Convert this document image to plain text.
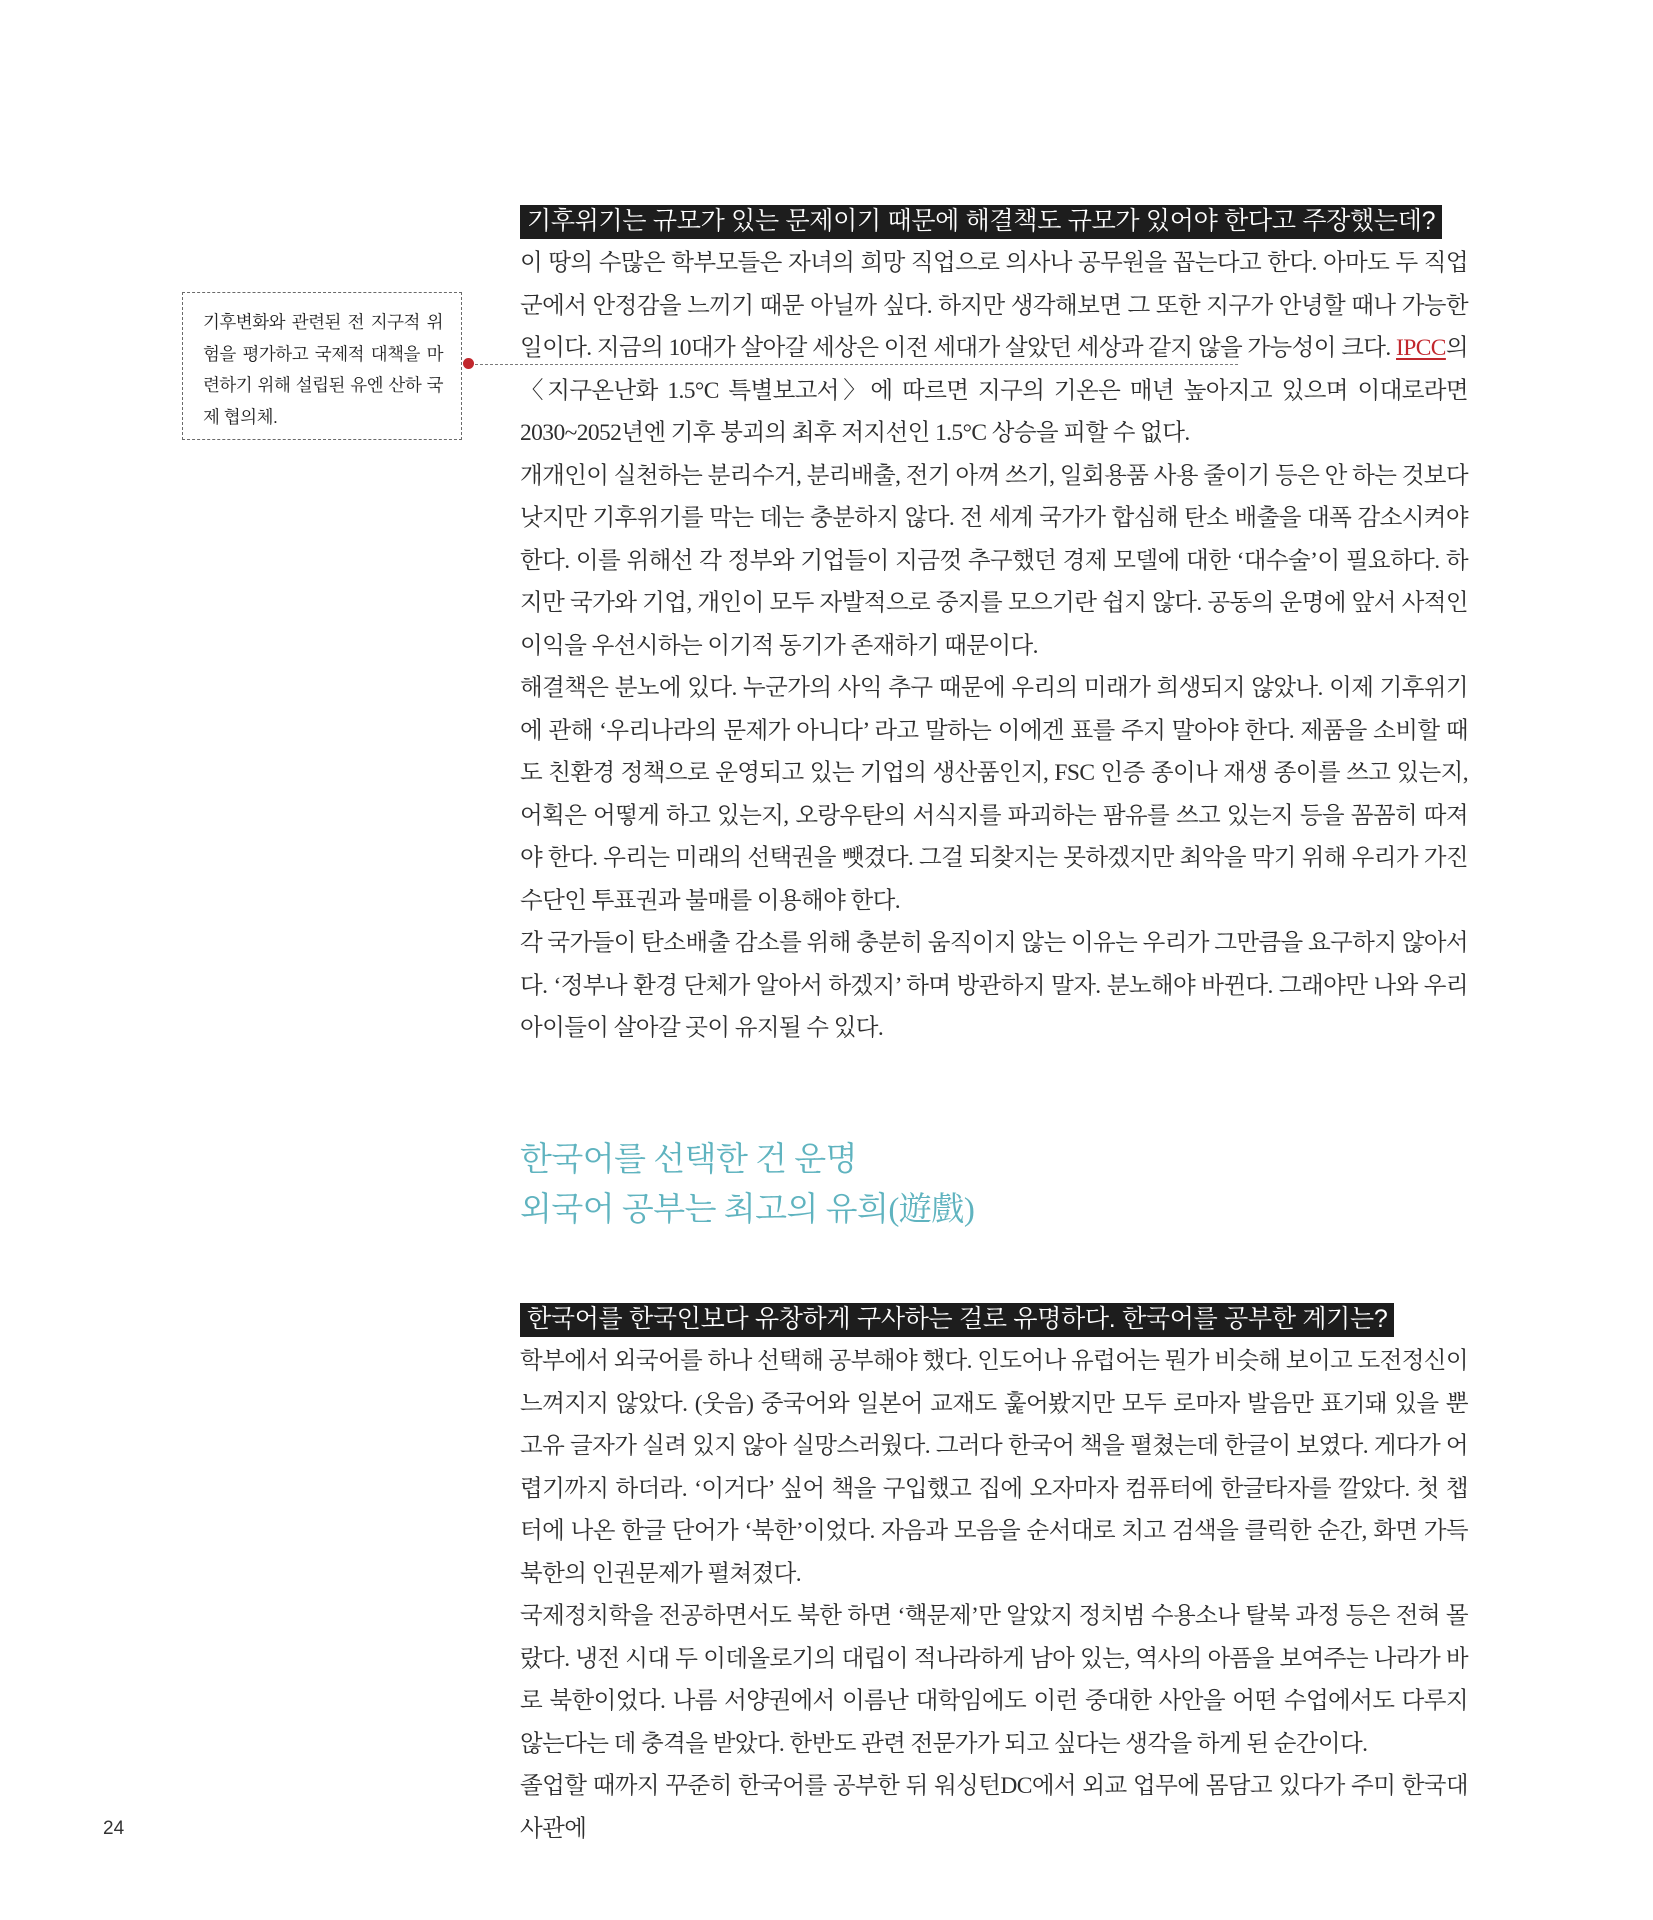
기후변화와 관련된 전 지구적 위험을 평가하고 국제적 대책을 마련하기 위해 설립된 유엔 산하 국제 협의체.
기후위기는 규모가 있는 문제이기 때문에 해결책도 규모가 있어야 한다고 주장했는데?

이 땅의 수많은 학부모들은 자녀의 희망 직업으로 의사나 공무원을 꼽는다고 한다. 아마도 두 직업군에서 안정감을 느끼기 때문 아닐까 싶다. 하지만 생각해보면 그 또한 지구가 안녕할 때나 가능한 일이다. 지금의 10대가 살아갈 세상은 이전 세대가 살았던 세상과 같지 않을 가능성이 크다. IPCC의 〈지구온난화 1.5°C 특별보고서〉에 따르면 지구의 기온은 매년 높아지고 있으며 이대로라면 2030~2052년엔 기후 붕괴의 최후 저지선인 1.5°C 상승을 피할 수 없다.

개개인이 실천하는 분리수거, 분리배출, 전기 아껴 쓰기, 일회용품 사용 줄이기 등은 안 하는 것보다 낫지만 기후위기를 막는 데는 충분하지 않다. 전 세계 국가가 합심해 탄소 배출을 대폭 감소시켜야 한다. 이를 위해선 각 정부와 기업들이 지금껏 추구했던 경제 모델에 대한 ‘대수술’이 필요하다. 하지만 국가와 기업, 개인이 모두 자발적으로 중지를 모으기란 쉽지 않다. 공동의 운명에 앞서 사적인 이익을 우선시하는 이기적 동기가 존재하기 때문이다.

해결책은 분노에 있다. 누군가의 사익 추구 때문에 우리의 미래가 희생되지 않았나. 이제 기후위기에 관해 ‘우리나라의 문제가 아니다’ 라고 말하는 이에겐 표를 주지 말아야 한다. 제품을 소비할 때도 친환경 정책으로 운영되고 있는 기업의 생산품인지, FSC 인증 종이나 재생 종이를 쓰고 있는지, 어획은 어떻게 하고 있는지, 오랑우탄의 서식지를 파괴하는 팜유를 쓰고 있는지 등을 꼼꼼히 따져야 한다. 우리는 미래의 선택권을 뺏겼다. 그걸 되찾지는 못하겠지만 최악을 막기 위해 우리가 가진 수단인 투표권과 불매를 이용해야 한다.

각 국가들이 탄소배출 감소를 위해 충분히 움직이지 않는 이유는 우리가 그만큼을 요구하지 않아서다. ‘정부나 환경 단체가 알아서 하겠지’ 하며 방관하지 말자. 분노해야 바뀐다. 그래야만 나와 우리 아이들이 살아갈 곳이 유지될 수 있다.

한국어를 선택한 건 운명
외국어 공부는 최고의 유희(遊戲)
한국어를 한국인보다 유창하게 구사하는 걸로 유명하다. 한국어를 공부한 계기는?

학부에서 외국어를 하나 선택해 공부해야 했다. 인도어나 유럽어는 뭔가 비슷해 보이고 도전정신이 느껴지지 않았다. (웃음) 중국어와 일본어 교재도 훑어봤지만 모두 로마자 발음만 표기돼 있을 뿐 고유 글자가 실려 있지 않아 실망스러웠다. 그러다 한국어 책을 펼쳤는데 한글이 보였다. 게다가 어렵기까지 하더라. ‘이거다’ 싶어 책을 구입했고 집에 오자마자 컴퓨터에 한글타자를 깔았다. 첫 챕터에 나온 한글 단어가 ‘북한’이었다. 자음과 모음을 순서대로 치고 검색을 클릭한 순간, 화면 가득 북한의 인권문제가 펼쳐졌다.

국제정치학을 전공하면서도 북한 하면 ‘핵문제’만 알았지 정치범 수용소나 탈북 과정 등은 전혀 몰랐다. 냉전 시대 두 이데올로기의 대립이 적나라하게 남아 있는, 역사의 아픔을 보여주는 나라가 바로 북한이었다. 나름 서양권에서 이름난 대학임에도 이런 중대한 사안을 어떤 수업에서도 다루지 않는다는 데 충격을 받았다. 한반도 관련 전문가가 되고 싶다는 생각을 하게 된 순간이다.

졸업할 때까지 꾸준히 한국어를 공부한 뒤 워싱턴DC에서 외교 업무에 몸담고 있다가 주미 한국대사관에

24
